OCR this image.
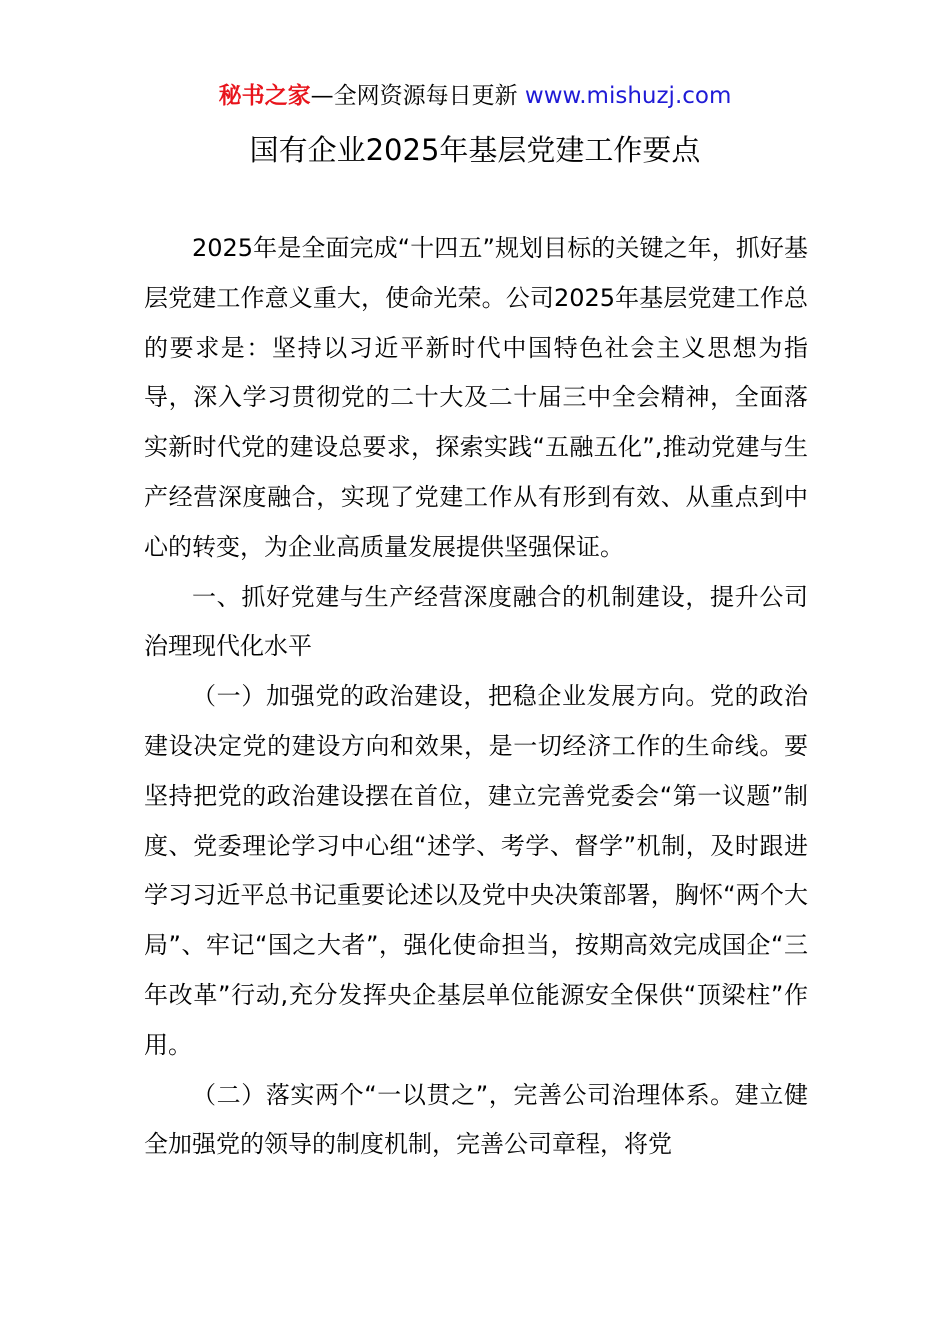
秘书之家—全网资源每日更新 www.mishuzj.com
国有企业2025年基层党建工作要点

2025年是全面完成“十四五”规划目标的关键之年，抓好基层党建工作意义重大，使命光荣。公司2025年基层党建工作总的要求是：坚持以习近平新时代中国特色社会主义思想为指导，深入学习贯彻党的二十大及二十届三中全会精神，全面落实新时代党的建设总要求，探索实践“五融五化”,推动党建与生产经营深度融合，实现了党建工作从有形到有效、从重点到中心的转变，为企业高质量发展提供坚强保证。

一、抓好党建与生产经营深度融合的机制建设，提升公司治理现代化水平

（一）加强党的政治建设，把稳企业发展方向。党的政治建设决定党的建设方向和效果，是一切经济工作的生命线。要坚持把党的政治建设摆在首位，建立完善党委会“第一议题”制度、党委理论学习中心组“述学、考学、督学”机制，及时跟进学习习近平总书记重要论述以及党中央决策部署，胸怀“两个大局”、牢记“国之大者”，强化使命担当，按期高效完成国企“三年改革”行动,充分发挥央企基层单位能源安全保供“顶梁柱”作用。

（二）落实两个“一以贯之”，完善公司治理体系。建立健全加强党的领导的制度机制，完善公司章程，将党
